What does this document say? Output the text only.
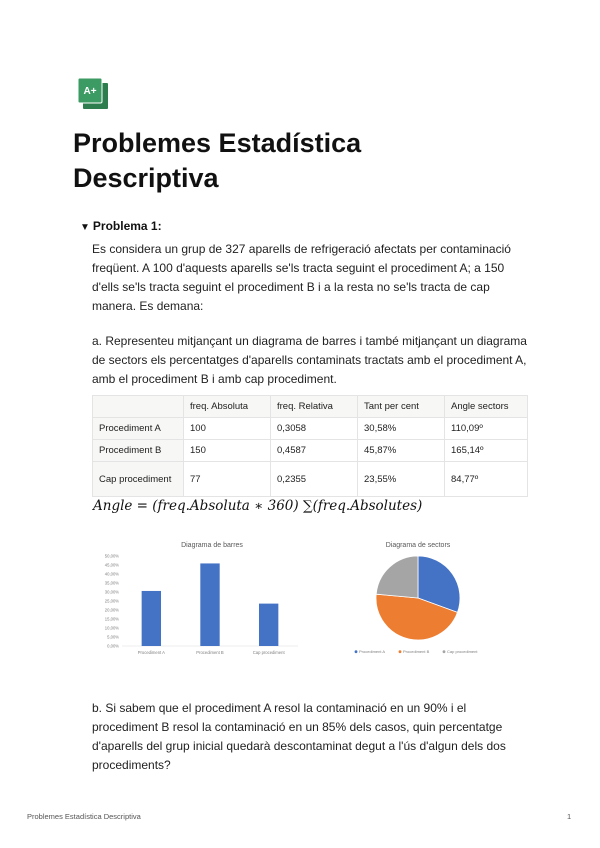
A+
Problemes Estadística
Descriptiva
▼ Problema 1:

Es considera un grup de 327 aparells de refrigeració afectats per contaminació freqüent. A 100 d'aquests aparells se'ls tracta seguint el procediment A; a 150 d'ells se'ls tracta seguint el procediment B i a la resta no se'ls tracta de cap manera. Es demana:

a. Representeu mitjançant un diagrama de barres i també mitjançant un diagrama de sectors els percentatges d'aparells contaminats tractats amb el procediment A, amb el procediment B i amb cap procediment.

	freq. Absoluta	freq. Relativa	Tant per cent	Angle sectors
Procediment A	100	0,3058	30,58%	110,09º
Procediment B	150	0,4587	45,87%	165,14º
Cap procediment	77	0,2355	23,55%	84,77º
Angle = (freq.Absoluta ∗ 360) ∑(freq.Absolutes)
Diagrama de barres
0,00%
5,00%
10,00%
15,00%
20,00%
25,00%
30,00%
35,00%
40,00%
45,00%
50,00%
Procediment A	Procediment B	Cap procediment
Diagrama de sectors
Procediment A	Procediment B	Cap procediment

b. Si sabem que el procediment A resol la contaminació en un 90% i el procediment B resol la contaminació en un 85% dels casos, quin percentatge d'aparells del grup inicial quedarà descontaminat degut a l'ús d'algun dels dos procediments?

Problemes Estadística Descriptiva	1
